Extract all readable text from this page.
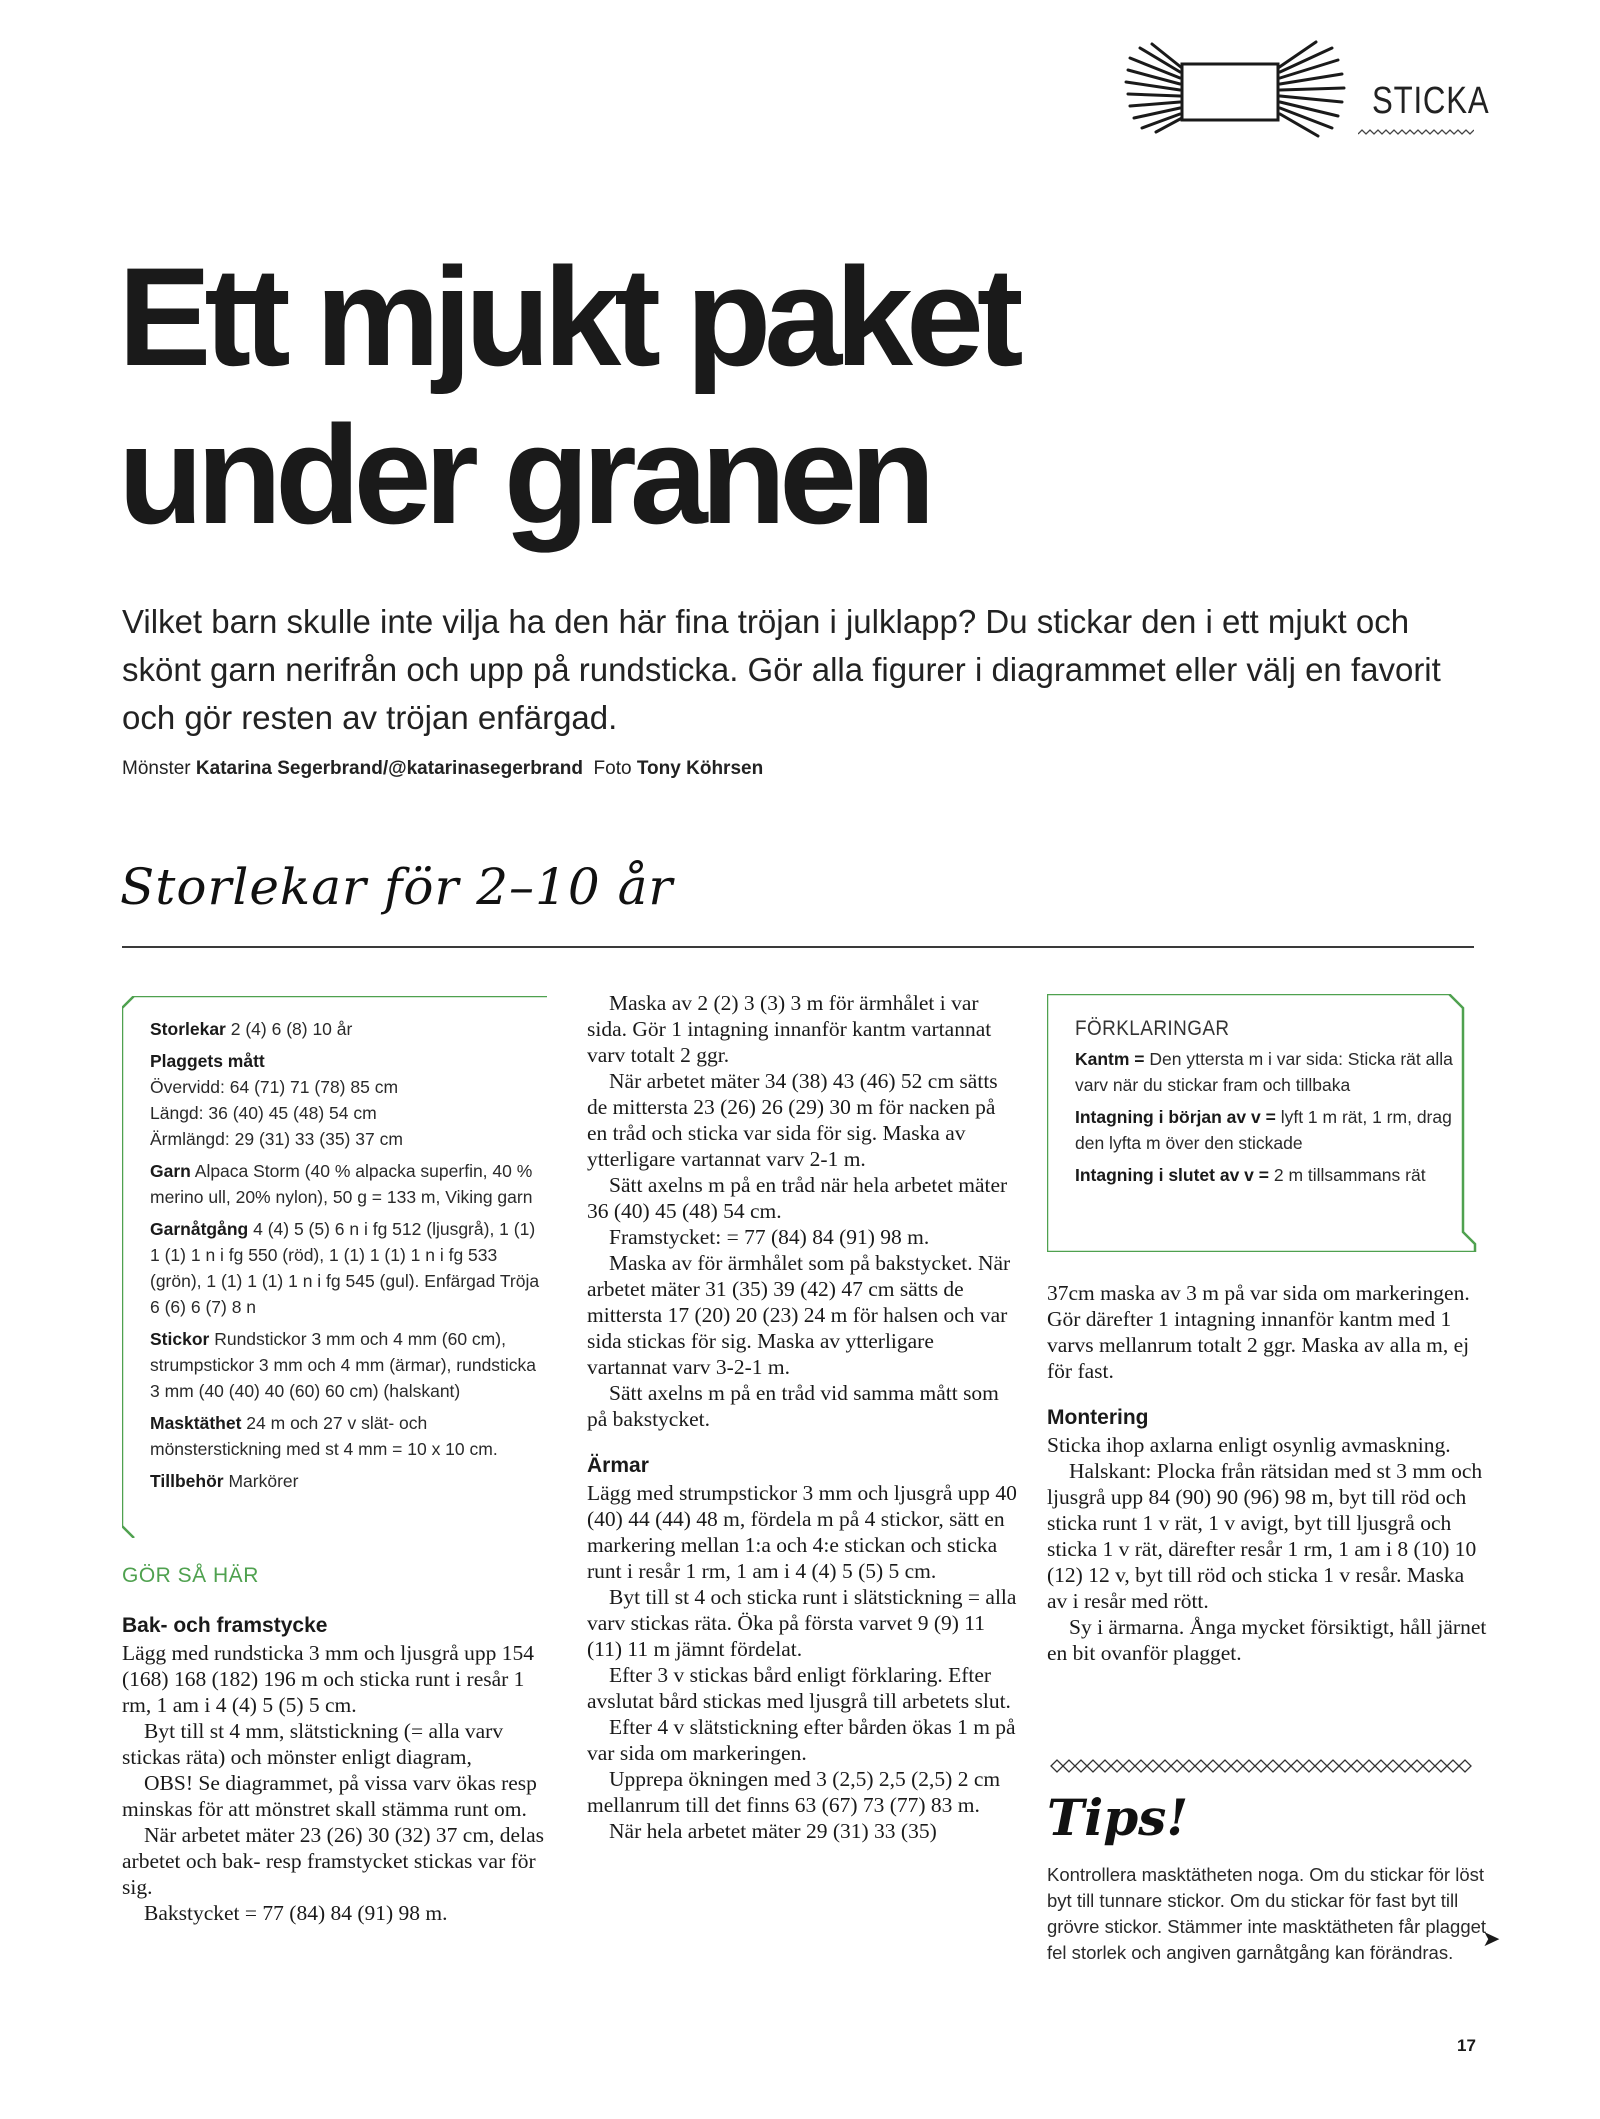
STICKA
Ett mjukt paket
under granen
Vilket barn skulle inte vilja ha den här fina tröjan i julklapp? Du stickar den i ett mjukt och skönt garn nerifrån och upp på rundsticka. Gör alla figurer i diagrammet eller välj en favorit och gör resten av tröjan enfärgad.
Mönster Katarina Segerbrand/@katarinasegerbrand Foto Tony Köhrsen
Storlekar för 2–10 år

Storlekar 2 (4) 6 (8) 10 år

Plaggets mått

Övervidd: 64 (71) 71 (78) 85 cm
Längd: 36 (40) 45 (48) 54 cm

Ärmlängd: 29 (31) 33 (35) 37 cm

Garn Alpaca Storm (40 % alpacka superfin, 40 % merino ull, 20% nylon), 50 g = 133 m, Viking garn

Garnåtgång 4 (4) 5 (5) 6 n i fg 512 (ljusgrå), 1 (1) 1 (1) 1 n i fg 550 (röd), 1 (1) 1 (1) 1 n i fg 533 (grön), 1 (1) 1 (1) 1 n i fg 545 (gul). Enfärgad Tröja 6 (6) 6 (7) 8 n

Stickor Rundstickor 3 mm och 4 mm (60 cm), strumpstickor 3 mm och 4 mm (ärmar), rundsticka 3 mm (40 (40) 40 (60) 60 cm) (halskant)

Masktäthet 24 m och 27 v slät- och mönsterstickning med st 4 mm = 10 x 10 cm.

Tillbehör Markörer

GÖR SÅ HÄR
Bak- och framstycke

Lägg med rundsticka 3 mm och ljusgrå upp 154 (168) 168 (182) 196 m och sticka runt i resår 1 rm, 1 am i 4 (4) 5 (5) 5 cm.

Byt till st 4 mm, slätstickning (= alla varv stickas räta) och mönster enligt diagram,

OBS! Se diagrammet, på vissa varv ökas resp minskas för att mönstret skall stämma runt om.

När arbetet mäter 23 (26) 30 (32) 37 cm, delas arbetet och bak- resp framstycket stickas var för sig.

Bakstycket = 77 (84) 84 (91) 98 m.

Maska av 2 (2) 3 (3) 3 m för ärmhålet i var sida. Gör 1 intagning innanför kantm vartannat varv totalt 2 ggr.

När arbetet mäter 34 (38) 43 (46) 52 cm sätts de mittersta 23 (26) 26 (29) 30 m för nacken på en tråd och sticka var sida för sig. Maska av ytterligare vartannat varv 2-1 m.

Sätt axelns m på en tråd när hela arbetet mäter 36 (40) 45 (48) 54 cm.

Framstycket: = 77 (84) 84 (91) 98 m.

Maska av för ärmhålet som på bakstycket. När arbetet mäter 31 (35) 39 (42) 47 cm sätts de mittersta 17 (20) 20 (23) 24 m för halsen och var sida stickas för sig. Maska av ytterligare vartannat varv 3-2-1 m.

Sätt axelns m på en tråd vid samma mått som på bakstycket.

Ärmar

Lägg med strumpstickor 3 mm och ljusgrå upp 40 (40) 44 (44) 48 m, fördela m på 4 stickor, sätt en markering mellan 1:a och 4:e stickan och sticka runt i resår 1 rm, 1 am i 4 (4) 5 (5) 5 cm.

Byt till st 4 och sticka runt i slätstickning = alla varv stickas räta. Öka på första varvet 9 (9) 11 (11) 11 m jämnt fördelat.

Efter 3 v stickas bård enligt förklaring. Efter avslutat bård stickas med ljusgrå till arbetets slut.

Efter 4 v slätstickning efter bården ökas 1 m på var sida om markeringen.

Upprepa ökningen med 3 (2,5) 2,5 (2,5) 2 cm mellanrum till det finns 63 (67) 73 (77) 83 m.

När hela arbetet mäter 29 (31) 33 (35)

FÖRKLARINGAR

Kantm = Den yttersta m i var sida: Sticka rät alla varv när du stickar fram och tillbaka

Intagning i början av v = lyft 1 m rät, 1 rm, drag den lyfta m över den stickade

Intagning i slutet av v = 2 m tillsammans rät

37cm maska av 3 m på var sida om markeringen. Gör därefter 1 intagning innanför kantm med 1 varvs mellanrum totalt 2 ggr. Maska av alla m, ej för fast.

Montering

Sticka ihop axlarna enligt osynlig avmaskning.

Halskant: Plocka från rätsidan med st 3 mm och ljusgrå upp 84 (90) 90 (96) 98 m, byt till röd och sticka runt 1 v rät, 1 v avigt, byt till ljusgrå och sticka 1 v rät, därefter resår 1 rm, 1 am i 8 (10) 10 (12) 12 v, byt till röd och sticka 1 v resår. Maska av i resår med rött.

Sy i ärmarna. Ånga mycket försiktigt, håll järnet en bit ovanför plagget.

Tips!
Kontrollera masktätheten noga. Om du stickar för löst byt till tunnare stickor. Om du stickar för fast byt till grövre stickor. Stämmer inte masktätheten får plagget fel storlek och angiven garnåtgång kan förändras.
➤
17
